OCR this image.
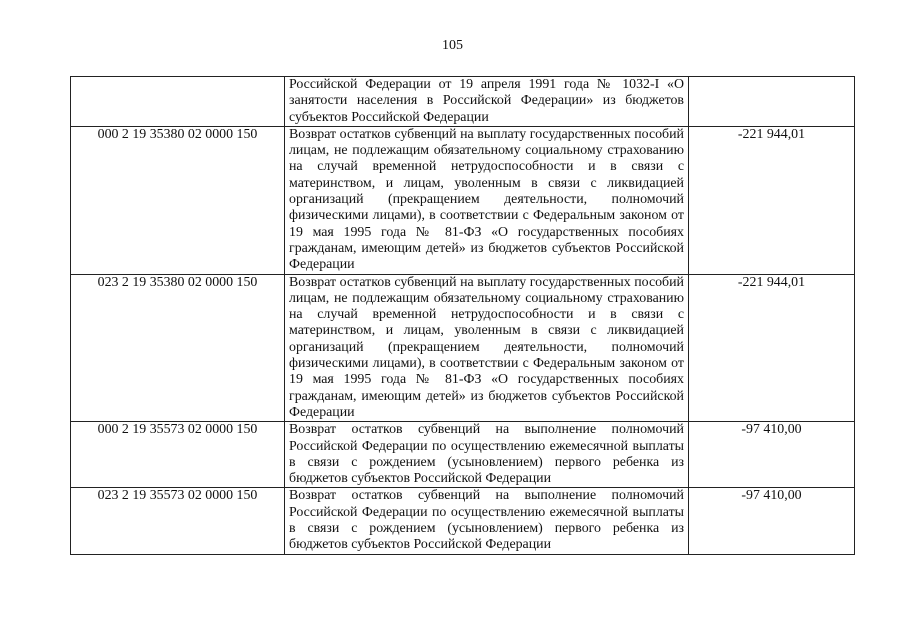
105
	Российской Федерации от 19 апреля 1991 года № 1032-I «О занятости населения в Российской Федерации» из бюджетов субъектов Российской Федерации	
000 2 19 35380 02 0000 150	Возврат остатков субвенций на выплату государственных пособий лицам, не подлежащим обязательному социальному страхованию на случай временной нетрудоспособности и в связи с материнством, и лицам, уволенным в связи с ликвидацией организаций (прекращением деятельности, полномочий физическими лицами), в соответствии с Федеральным законом от 19 мая 1995 года № 81-ФЗ «О государственных пособиях гражданам, имеющим детей» из бюджетов субъектов Российской Федерации	-221 944,01
023 2 19 35380 02 0000 150	Возврат остатков субвенций на выплату государственных пособий лицам, не подлежащим обязательному социальному страхованию на случай временной нетрудоспособности и в связи с материнством, и лицам, уволенным в связи с ликвидацией организаций (прекращением деятельности, полномочий физическими лицами), в соответствии с Федеральным законом от 19 мая 1995 года № 81-ФЗ «О государственных пособиях гражданам, имеющим детей» из бюджетов субъектов Российской Федерации	-221 944,01
000 2 19 35573 02 0000 150	Возврат остатков субвенций на выполнение полномочий Российской Федерации по осуществлению ежемесячной выплаты в связи с рождением (усыновлением) первого ребенка из бюджетов субъектов Российской Федерации	-97 410,00
023 2 19 35573 02 0000 150	Возврат остатков субвенций на выполнение полномочий Российской Федерации по осуществлению ежемесячной выплаты в связи с рождением (усыновлением) первого ребенка из бюджетов субъектов Российской Федерации	-97 410,00
